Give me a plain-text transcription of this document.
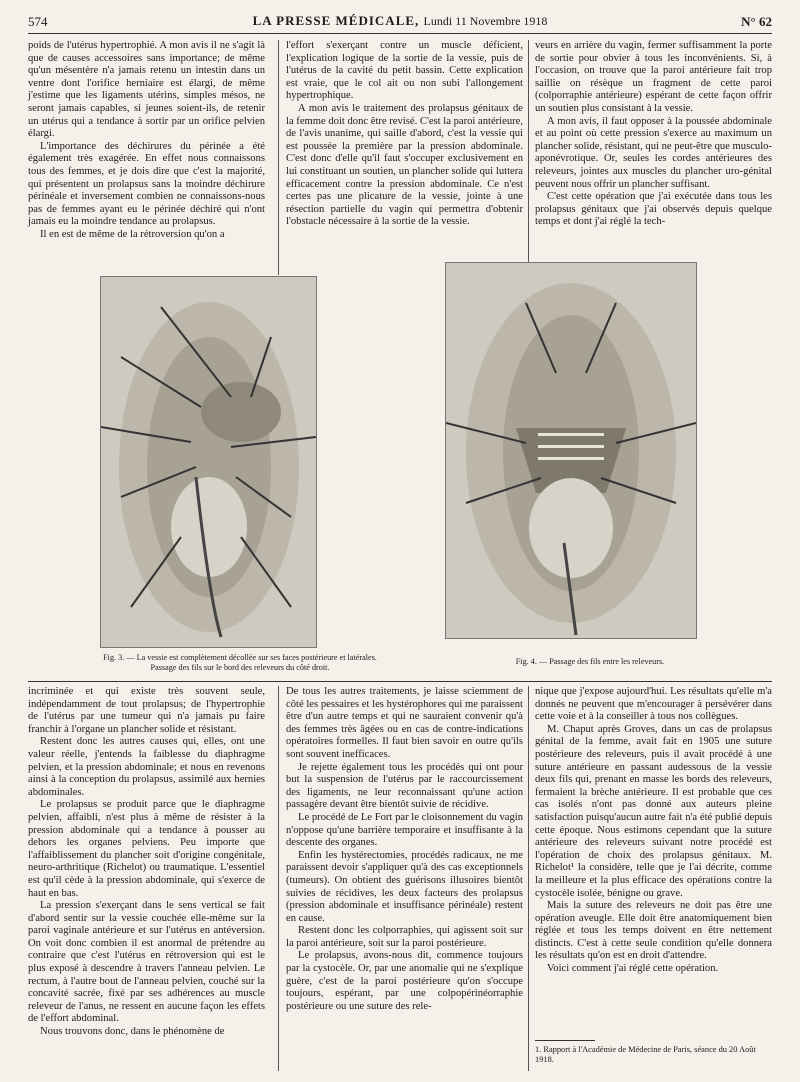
574	LA PRESSE MÉDICALE, Lundi 11 Novembre 1918	N° 62

poids de l'utérus hypertrophié. A mon avis il ne s'agit là que de causes accessoires sans importance; de même qu'un mésentère n'a jamais retenu un intestin dans un ventre dont l'orifice herniaire est élargi, de même j'estime que les ligaments utérins, simples mésos, ne seront jamais capables, si jeunes soient-ils, de retenir un utérus qui a tendance à sortir par un orifice pelvien élargi.

L'importance des déchirures du périnée a été également très exagérée. En effet nous connaissons tous des femmes, et je dois dire que c'est la majorité, qui présentent un prolapsus sans la moindre déchirure périnéale et inversement combien ne connaissons-nous pas de femmes ayant eu le périnée déchiré qui n'ont jamais eu la moindre tendance au prolapsus.

Il en est de même de la rétroversion qu'on a

l'effort s'exerçant contre un muscle déficient, l'explication logique de la sortie de la vessie, puis de l'utérus de la cavité du petit bassin. Cette explication est vraie, que le col ait ou non subi l'allongement hypertrophique.

A mon avis le traitement des prolapsus génitaux de la femme doit donc être revisé. C'est la paroi antérieure, de l'avis unanime, qui saille d'abord, c'est la vessie qui est poussée la première par la pression abdominale. C'est donc d'elle qu'il faut s'occuper exclusivement en lui constituant un soutien, un plancher solide qui luttera efficacement contre la pression abdominale. Ce n'est certes pas une plicature de la vessie, jointe à une résection partielle du vagin qui permettra d'obtenir l'obstacle nécessaire à la sortie de la vessie.

veurs en arrière du vagin, fermer suffisamment la porte de sortie pour obvier à tous les inconvénients. Si, à l'occasion, on trouve que la paroi antérieure fait trop saillie on résèque un fragment de cette paroi (colporraphie antérieure) espérant de cette façon offrir un soutien plus consistant à la vessie.

A mon avis, il faut opposer à la poussée abdominale et au point où cette pression s'exerce au maximum un plancher solide, résistant, qui ne peut-être que musculo-aponévrotique. Or, seules les cordes antérieures des releveurs, jointes aux muscles du plancher uro-génital peuvent nous offrir un plancher suffisant.

C'est cette opération que j'ai exécutée dans tous les prolapsus génitaux que j'ai observés depuis quelque temps et dont j'ai réglé la tech-

Fig. 3. — La vessie est complètement décollée sur ses faces postérieure et latérales.
Passage des fils sur le bord des releveurs du côté droit.
Fig. 4. — Passage des fils entre les releveurs.

incriminée et qui existe très souvent seule, indépendamment de tout prolapsus; de l'hypertrophie de l'utérus par une tumeur qui n'a jamais pu faire franchir à l'organe un plancher solide et résistant.

Restent donc les autres causes qui, elles, ont une valeur réelle, j'entends la faiblesse du diaphragme pelvien, et la pression abdominale; et nous en revenons ainsi à la conception du prolapsus, assimilé aux hernies abdominales.

Le prolapsus se produit parce que le diaphragme pelvien, affaibli, n'est plus à même de résister à la pression abdominale qui a tendance à pousser au dehors les organes pelviens. Peu importe que l'affaiblissement du plancher soit d'origine congénitale, neuro-arthritique (Richelot) ou traumatique. L'essentiel est qu'il cède à la pression abdominale, qui s'exerce de haut en bas.

La pression s'exerçant dans le sens vertical se fait d'abord sentir sur la vessie couchée elle-même sur la paroi vaginale antérieure et sur l'utérus en antéversion. On voit donc combien il est anormal de prétendre au contraire que c'est l'utérus en rétroversion qui est le plus exposé à descendre à travers l'anneau pelvien. Le rectum, à l'autre bout de l'anneau pelvien, couché sur la concavité sacrée, fixé par ses adhérences au muscle releveur de l'anus, ne ressent en aucune façon les effets de l'effort abdominal.

Nous trouvons donc, dans le phénomène de

De tous les autres traitements, je laisse sciemment de côté les pessaires et les hystérophores qui me paraissent être d'un autre temps et qui ne sauraient convenir qu'à des femmes très âgées ou en cas de contre-indications opératoires formelles. Il faut bien savoir en outre qu'ils sont souvent inefficaces.

Je rejette également tous les procédés qui ont pour but la suspension de l'utérus par le raccourcissement des ligaments, ne leur reconnaissant qu'une action passagère devant être bientôt suivie de récidive.

Le procédé de Le Fort par le cloisonnement du vagin n'oppose qu'une barrière temporaire et insuffisante à la descente des organes.

Enfin les hystérectomies, procédés radicaux, ne me paraissent devoir s'appliquer qu'à des cas exceptionnels (tumeurs). On obtient des guérisons illusoires bientôt suivies de récidives, les deux facteurs des prolapsus (pression abdominale et insuffisance périnéale) restent en cause.

Restent donc les colporraphies, qui agissent soit sur la paroi antérieure, soit sur la paroi postérieure.

Le prolapsus, avons-nous dit, commence toujours par la cystocèle. Or, par une anomalie qui ne s'explique guère, c'est de la paroi postérieure qu'on s'occupe toujours, espérant, par une colpopérinéorraphie postérieure ou une suture des rele-

nique que j'expose aujourd'hui. Les résultats qu'elle m'a donnés ne peuvent que m'encourager à persévérer dans cette voie et à la conseiller à tous nos collègues.

M. Chaput après Groves, dans un cas de prolapsus génital de la femme, avait fait en 1905 une suture postérieure des releveurs, puis il avait procédé à une suture antérieure en passant audessous de la vessie deux fils qui, prenant en masse les bords des releveurs, fermaient la brèche antérieure. Il est probable que ces cas isolés n'ont pas donné aux auteurs pleine satisfaction puisqu'aucun autre fait n'a été publié depuis cette époque. Nous estimons cependant que la suture antérieure des releveurs suivant notre procédé est l'opération de choix des prolapsus génitaux. M. Richelot¹ la considère, telle que je l'ai décrite, comme la meilleure et la plus efficace des opérations contre la cystocèle isolée, bénigne ou grave.

Mais la suture des releveurs ne doit pas être une opération aveugle. Elle doit être anatomiquement bien réglée et tous les temps doivent en être nettement distincts. C'est à cette seule condition qu'elle donnera les résultats qu'on est en droit d'attendre.

Voici comment j'ai réglé cette opération.

1. Rapport à l'Académie de Médecine de Paris, séance du 20 Août 1918.
